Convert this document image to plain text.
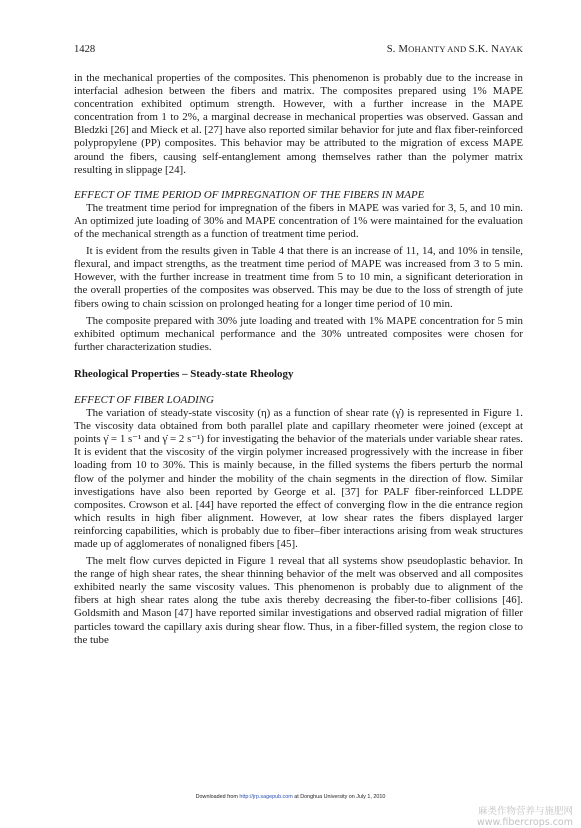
1428	S. MOHANTY AND S.K. NAYAK

in the mechanical properties of the composites. This phenomenon is probably due to the increase in interfacial adhesion between the fibers and matrix. The composites prepared using 1% MAPE concentration exhibited optimum strength. However, with a further increase in the MAPE concentration from 1 to 2%, a marginal decrease in mechanical properties was observed. Gassan and Bledzki [26] and Mieck et al. [27] have also reported similar behavior for jute and flax fiber-reinforced polypropylene (PP) composites. This behavior may be attributed to the migration of excess MAPE around the fibers, causing self-entanglement among themselves rather than the polymer matrix resulting in slippage [24].

EFFECT OF TIME PERIOD OF IMPREGNATION OF THE FIBERS IN MAPE

The treatment time period for impregnation of the fibers in MAPE was varied for 3, 5, and 10 min. An optimized jute loading of 30% and MAPE concentration of 1% were maintained for the evaluation of the mechanical strength as a function of treatment time period.

It is evident from the results given in Table 4 that there is an increase of 11, 14, and 10% in tensile, flexural, and impact strengths, as the treatment time period of MAPE was increased from 3 to 5 min. However, with the further increase in treatment time from 5 to 10 min, a significant deterioration in the overall properties of the composites was observed. This may be due to the loss of strength of jute fibers owing to chain scission on prolonged heating for a longer time period of 10 min.

The composite prepared with 30% jute loading and treated with 1% MAPE concentration for 5 min exhibited optimum mechanical performance and the 30% untreated composites were chosen for further characterization studies.

Rheological Properties – Steady-state Rheology

EFFECT OF FIBER LOADING

The variation of steady-state viscosity (η) as a function of shear rate (γ̇) is represented in Figure 1. The viscosity data obtained from both parallel plate and capillary rheometer were joined (except at points γ̇ = 1 s⁻¹ and γ̇ = 2 s⁻¹) for investigating the behavior of the materials under variable shear rates. It is evident that the viscosity of the virgin polymer increased progressively with the increase in fiber loading from 10 to 30%. This is mainly because, in the filled systems the fibers perturb the normal flow of the polymer and hinder the mobility of the chain segments in the direction of flow. Similar investigations have also been reported by George et al. [37] for PALF fiber-reinforced LLDPE composites. Crowson et al. [44] have reported the effect of converging flow in the die entrance region which results in high fiber alignment. However, at low shear rates the fibers displayed larger reinforcing capabilities, which is probably due to fiber–fiber interactions arising from weak structures made up of agglomerates of nonaligned fibers [45].

The melt flow curves depicted in Figure 1 reveal that all systems show pseudoplastic behavior. In the range of high shear rates, the shear thinning behavior of the melt was observed and all composites exhibited nearly the same viscosity values. This phenomenon is probably due to alignment of the fibers at high shear rates along the tube axis thereby decreasing the fiber-to-fiber collisions [46]. Goldsmith and Mason [47] have reported similar investigations and observed radial migration of filler particles toward the capillary axis during shear flow. Thus, in a fiber-filled system, the region close to the tube

Downloaded from http://jrp.sagepub.com at Donghua University on July 1, 2010
麻类作物营养与施肥网
www.fibercrops.com
